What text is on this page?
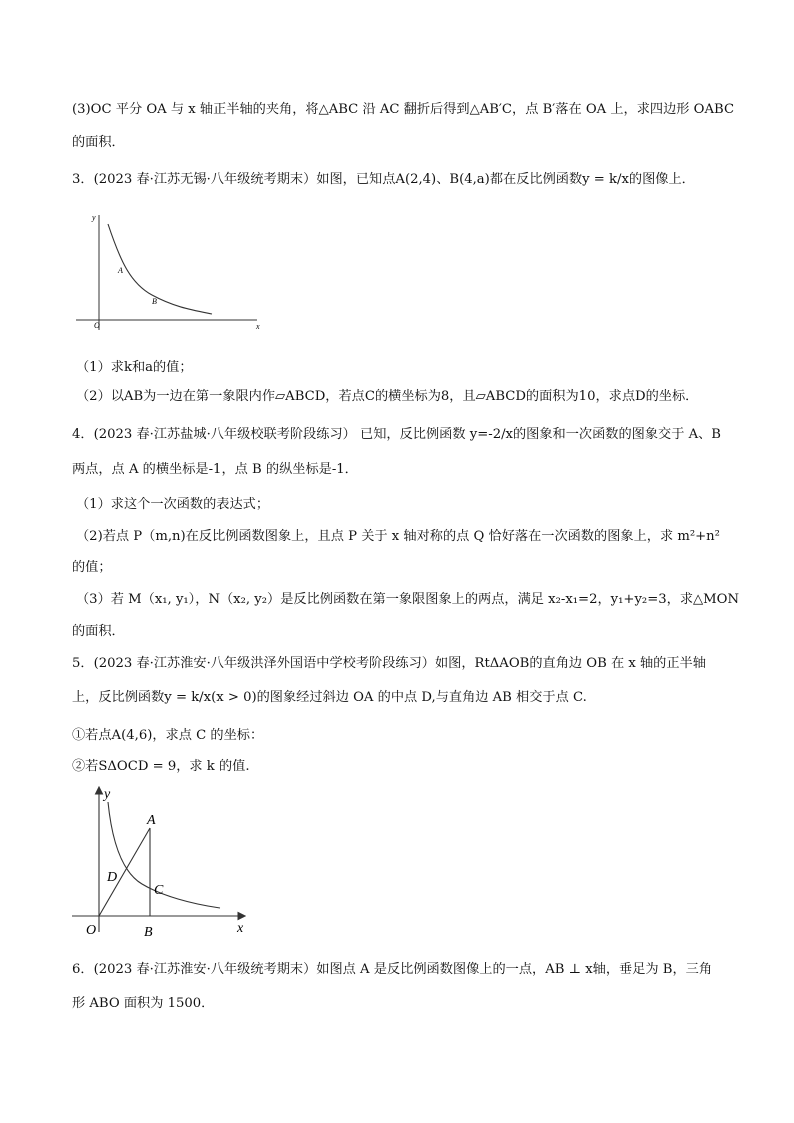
(3)OC 平分 OA 与 x 轴正半轴的夹角，将△ABC 沿 AC 翻折后得到△AB′C，点 B′落在 OA 上，求四边形 OABC
的面积．
3．(2023 春·江苏无锡·八年级统考期末）如图，已知点A(2,4)、B(4,a)都在反比例函数y = k/x的图像上．
y
x
O
A
B
（1）求k和a的值；
（2）以AB为一边在第一象限内作▱ABCD，若点C的横坐标为8，且▱ABCD的面积为10，求点D的坐标．
4．(2023 春·江苏盐城·八年级校联考阶段练习） 已知，反比例函数 y=-2/x的图象和一次函数的图象交于 A、B
两点，点 A 的横坐标是-1，点 B 的纵坐标是-1．
（1）求这个一次函数的表达式；
（2)若点 P（m,n)在反比例函数图象上，且点 P 关于 x 轴对称的点 Q 恰好落在一次函数的图象上，求 m²+n²
的值；
（3）若 M（x₁, y₁），N（x₂, y₂）是反比例函数在第一象限图象上的两点，满足 x₂-x₁=2，y₁+y₂=3，求△MON
的面积．
5．(2023 春·江苏淮安·八年级洪泽外国语中学校考阶段练习）如图，RtΔAOB的直角边 OB 在 x 轴的正半轴
上，反比例函数y = k/x(x > 0)的图象经过斜边 OA 的中点 D,与直角边 AB 相交于点 C.
①若点A(4,6)，求点 C 的坐标：
②若SΔOCD = 9，求 k 的值.
y
x
O
A
B
C
D
6．(2023 春·江苏淮安·八年级统考期末）如图点 A 是反比例函数图像上的一点，AB ⊥ x轴，垂足为 B，三角
形 ABO 面积为 1500．
